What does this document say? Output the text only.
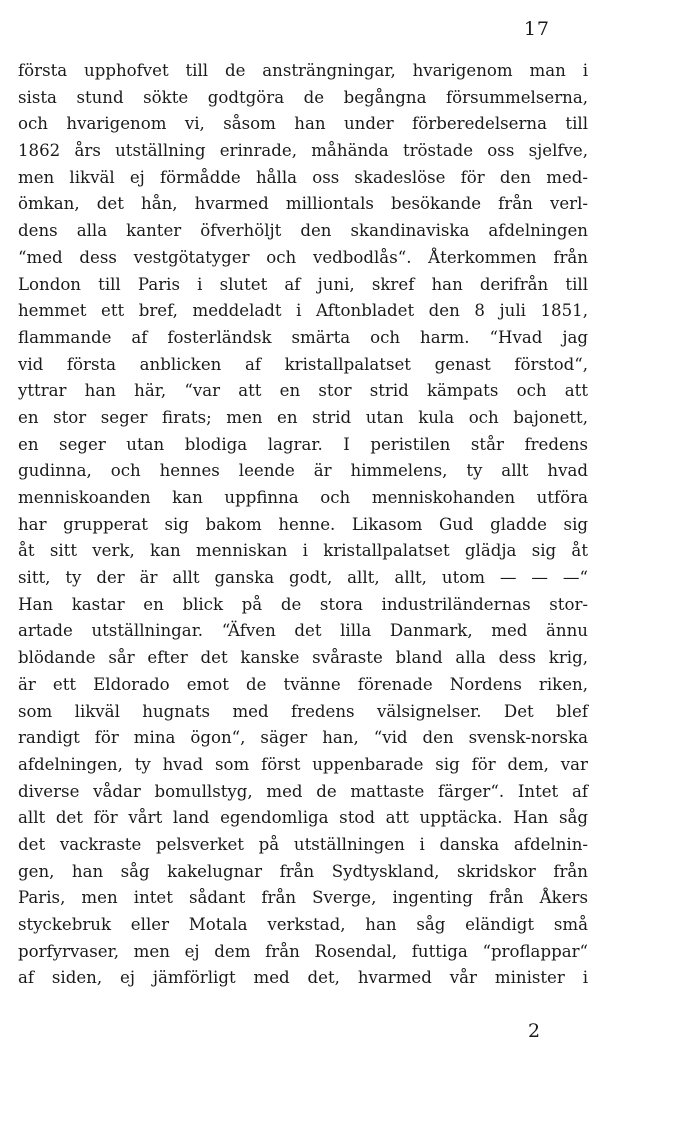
17
första upphofvet till de ansträngningar, hvarigenom man i
sista stund sökte godtgöra de begångna försummelserna,
och hvarigenom vi, såsom han under förberedelserna till
1862 års utställning erinrade, måhända tröstade oss sjelfve,
men likväl ej förmådde hålla oss skadeslöse för den med-
ömkan, det hån, hvarmed milliontals besökande från verl-
dens alla kanter öfverhöljt den skandinaviska afdelningen
“med dess vestgötatyger och vedbodlås“. Återkommen från
London till Paris i slutet af juni, skref han derifrån till
hemmet ett bref, meddeladt i Aftonbladet den 8 juli 1851,
flammande af fosterländsk smärta och harm. “Hvad jag
vid första anblicken af kristallpalatset genast förstod“,
yttrar han här, “var att en stor strid kämpats och att
en stor seger firats; men en strid utan kula och bajonett,
en seger utan blodiga lagrar. I peristilen står fredens
gudinna, och hennes leende är himmelens, ty allt hvad
menniskoanden kan uppfinna och menniskohanden utföra
har grupperat sig bakom henne. Likasom Gud gladde sig
åt sitt verk, kan menniskan i kristallpalatset glädja sig åt
sitt, ty der är allt ganska godt, allt, allt, utom — — —“
Han kastar en blick på de stora industriländernas stor-
artade utställningar. “Äfven det lilla Danmark, med ännu
blödande sår efter det kanske svåraste bland alla dess krig,
är ett Eldorado emot de tvänne förenade Nordens riken,
som likväl hugnats med fredens välsignelser. Det blef
randigt för mina ögon“, säger han, “vid den svensk-norska
afdelningen, ty hvad som först uppenbarade sig för dem, var
diverse vådar bomullstyg, med de mattaste färger“. Intet af
allt det för vårt land egendomliga stod att upptäcka. Han såg
det vackraste pelsverket på utställningen i danska afdelnin-
gen, han såg kakelugnar från Sydtyskland, skridskor från
Paris, men intet sådant från Sverge, ingenting från Åkers
styckebruk eller Motala verkstad, han såg eländigt små
porfyrvaser, men ej dem från Rosendal, futtiga “proflappar“
af siden, ej jämförligt med det, hvarmed vår minister i
2
